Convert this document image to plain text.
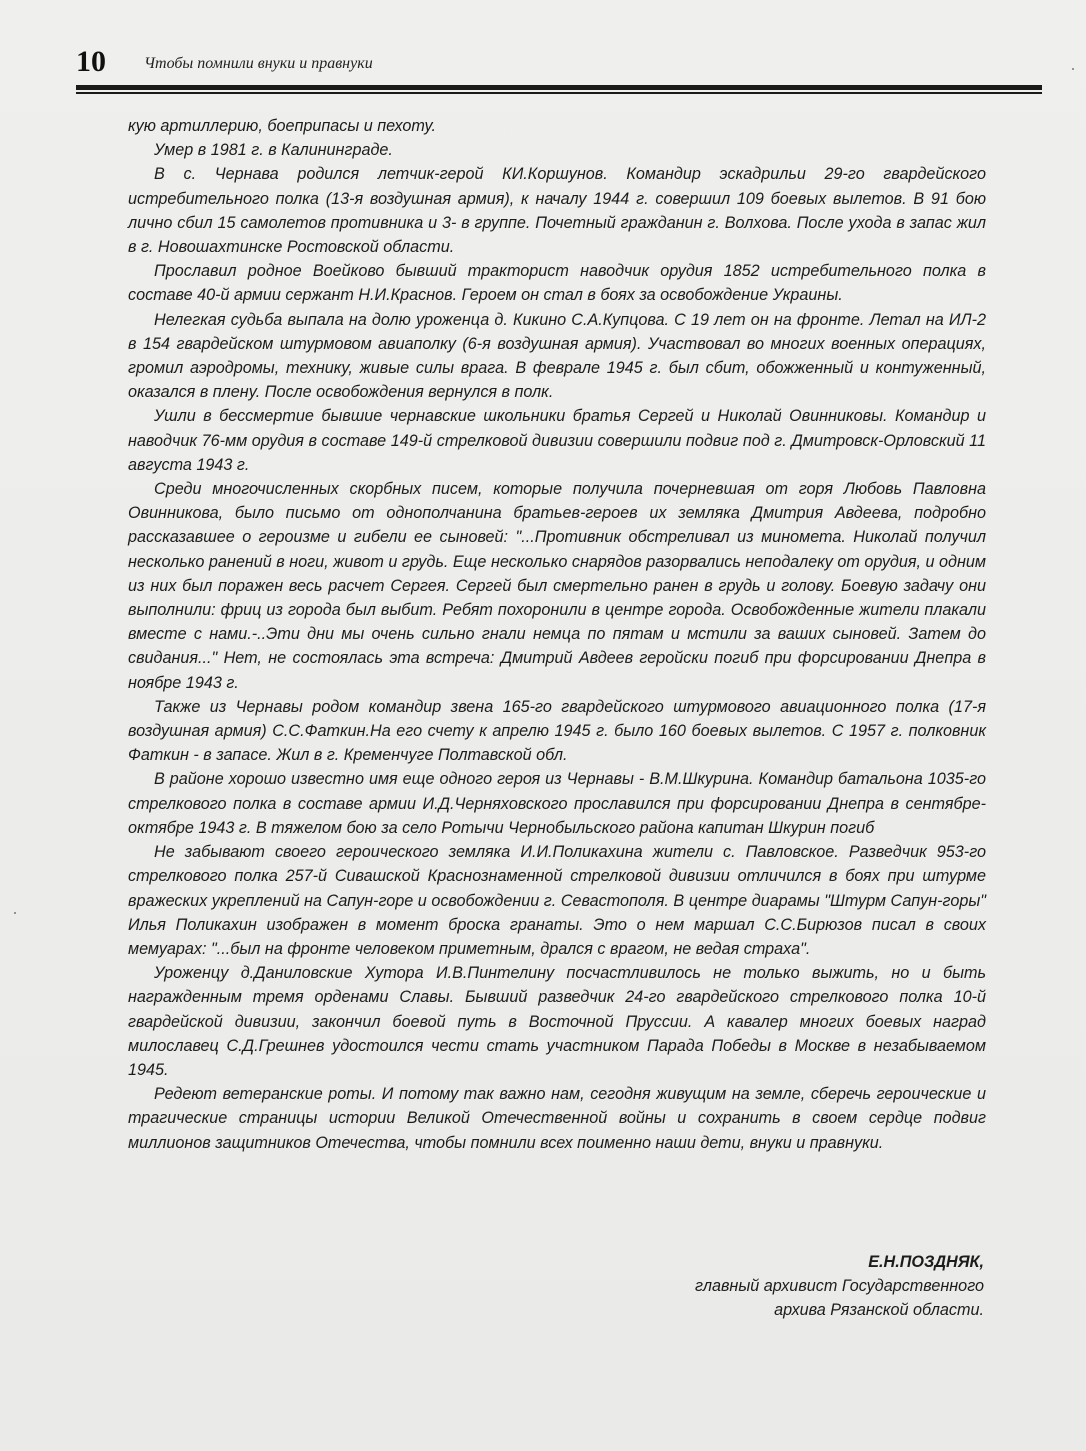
10 Чтобы помнили внуки и правнуки

кую артиллерию, боеприпасы и пехоту.

Умер в 1981 г. в Калининграде.

В с. Чернава родился летчик-герой КИ.Коршунов. Командир эскадрильи 29-го гвардейского истребительного полка (13-я воздушная армия), к началу 1944 г. совершил 109 боевых вылетов. В 91 бою лично сбил 15 самолетов противника и 3- в группе. Почетный гражданин г. Волхова. После ухода в запас жил в г. Новошахтинске Ростовской области.

Прославил родное Воейково бывший тракторист наводчик орудия 1852 истребительного полка в составе 40-й армии сержант Н.И.Краснов. Героем он стал в боях за освобождение Украины.

Нелегкая судьба выпала на долю уроженца д. Кикино С.А.Купцова. С 19 лет он на фронте. Летал на ИЛ-2 в 154 гвардейском штурмовом авиаполку (6-я воздушная армия). Участвовал во многих военных операциях, громил аэродромы, технику, живые силы врага. В феврале 1945 г. был сбит, обожженный и контуженный, оказался в плену. После освобождения вернулся в полк.

Ушли в бессмертие бывшие чернавские школьники братья Сергей и Николай Овинниковы. Командир и наводчик 76-мм орудия в составе 149-й стрелковой дивизии совершили подвиг под г. Дмитровск-Орловский 11 августа 1943 г.

Среди многочисленных скорбных писем, которые получила почерневшая от горя Любовь Павловна Овинникова, было письмо от однополчанина братьев-героев их земляка Дмитрия Авдеева, подробно рассказавшее о героизме и гибели ее сыновей: "...Противник обстреливал из миномета. Николай получил несколько ранений в ноги, живот и грудь. Еще несколько снарядов разорвались неподалеку от орудия, и одним из них был поражен весь расчет Сергея. Сергей был смертельно ранен в грудь и голову. Боевую задачу они выполнили: фриц из города был выбит. Ребят похоронили в центре города. Освобожденные жители плакали вместе с нами.-..Эти дни мы очень сильно гнали немца по пятам и мстили за ваших сыновей. Затем до свидания..." Нет, не состоялась эта встреча: Дмитрий Авдеев геройски погиб при форсировании Днепра в ноябре 1943 г.

Также из Чернавы родом командир звена 165-го гвардейского штурмового авиационного полка (17-я воздушная армия) С.С.Фаткин.На его счету к апрелю 1945 г. было 160 боевых вылетов. С 1957 г. полковник Фаткин - в запасе. Жил в г. Кременчуге Полтавской обл.

В районе хорошо известно имя еще одного героя из Чернавы - В.М.Шкурина. Командир батальона 1035-го стрелкового полка в составе армии И.Д.Черняховского прославился при форсировании Днепра в сентябре-октябре 1943 г. В тяжелом бою за село Ротычи Чернобыльского района капитан Шкурин погиб

Не забывают своего героического земляка И.И.Поликахина жители с. Павловское. Разведчик 953-го стрелкового полка 257-й Сивашской Краснознаменной стрелковой дивизии отличился в боях при штурме вражеских укреплений на Сапун-горе и освобождении г. Севастополя. В центре диарамы "Штурм Сапун-горы" Илья Поликахин изображен в момент броска гранаты. Это о нем маршал С.С.Бирюзов писал в своих мемуарах: "...был на фронте человеком приметным, дрался с врагом, не ведая страха".

Уроженцу д.Даниловские Хутора И.В.Пинтелину посчастливилось не только выжить, но и быть награжденным тремя орденами Славы. Бывший разведчик 24-го гвардейского стрелкового полка 10-й гвардейской дивизии, закончил боевой путь в Восточной Пруссии. А кавалер многих боевых наград милославец С.Д.Грешнев удостоился чести стать участником Парада Победы в Москве в незабываемом 1945.

Редеют ветеранские роты. И потому так важно нам, сегодня живущим на земле, сберечь героические и трагические страницы истории Великой Отечественной войны и сохранить в своем сердце подвиг миллионов защитников Отечества, чтобы помнили всех поименно наши дети, внуки и правнуки.

Е.Н.ПОЗДНЯК,
главный архивист Государственного
архива Рязанской области.
